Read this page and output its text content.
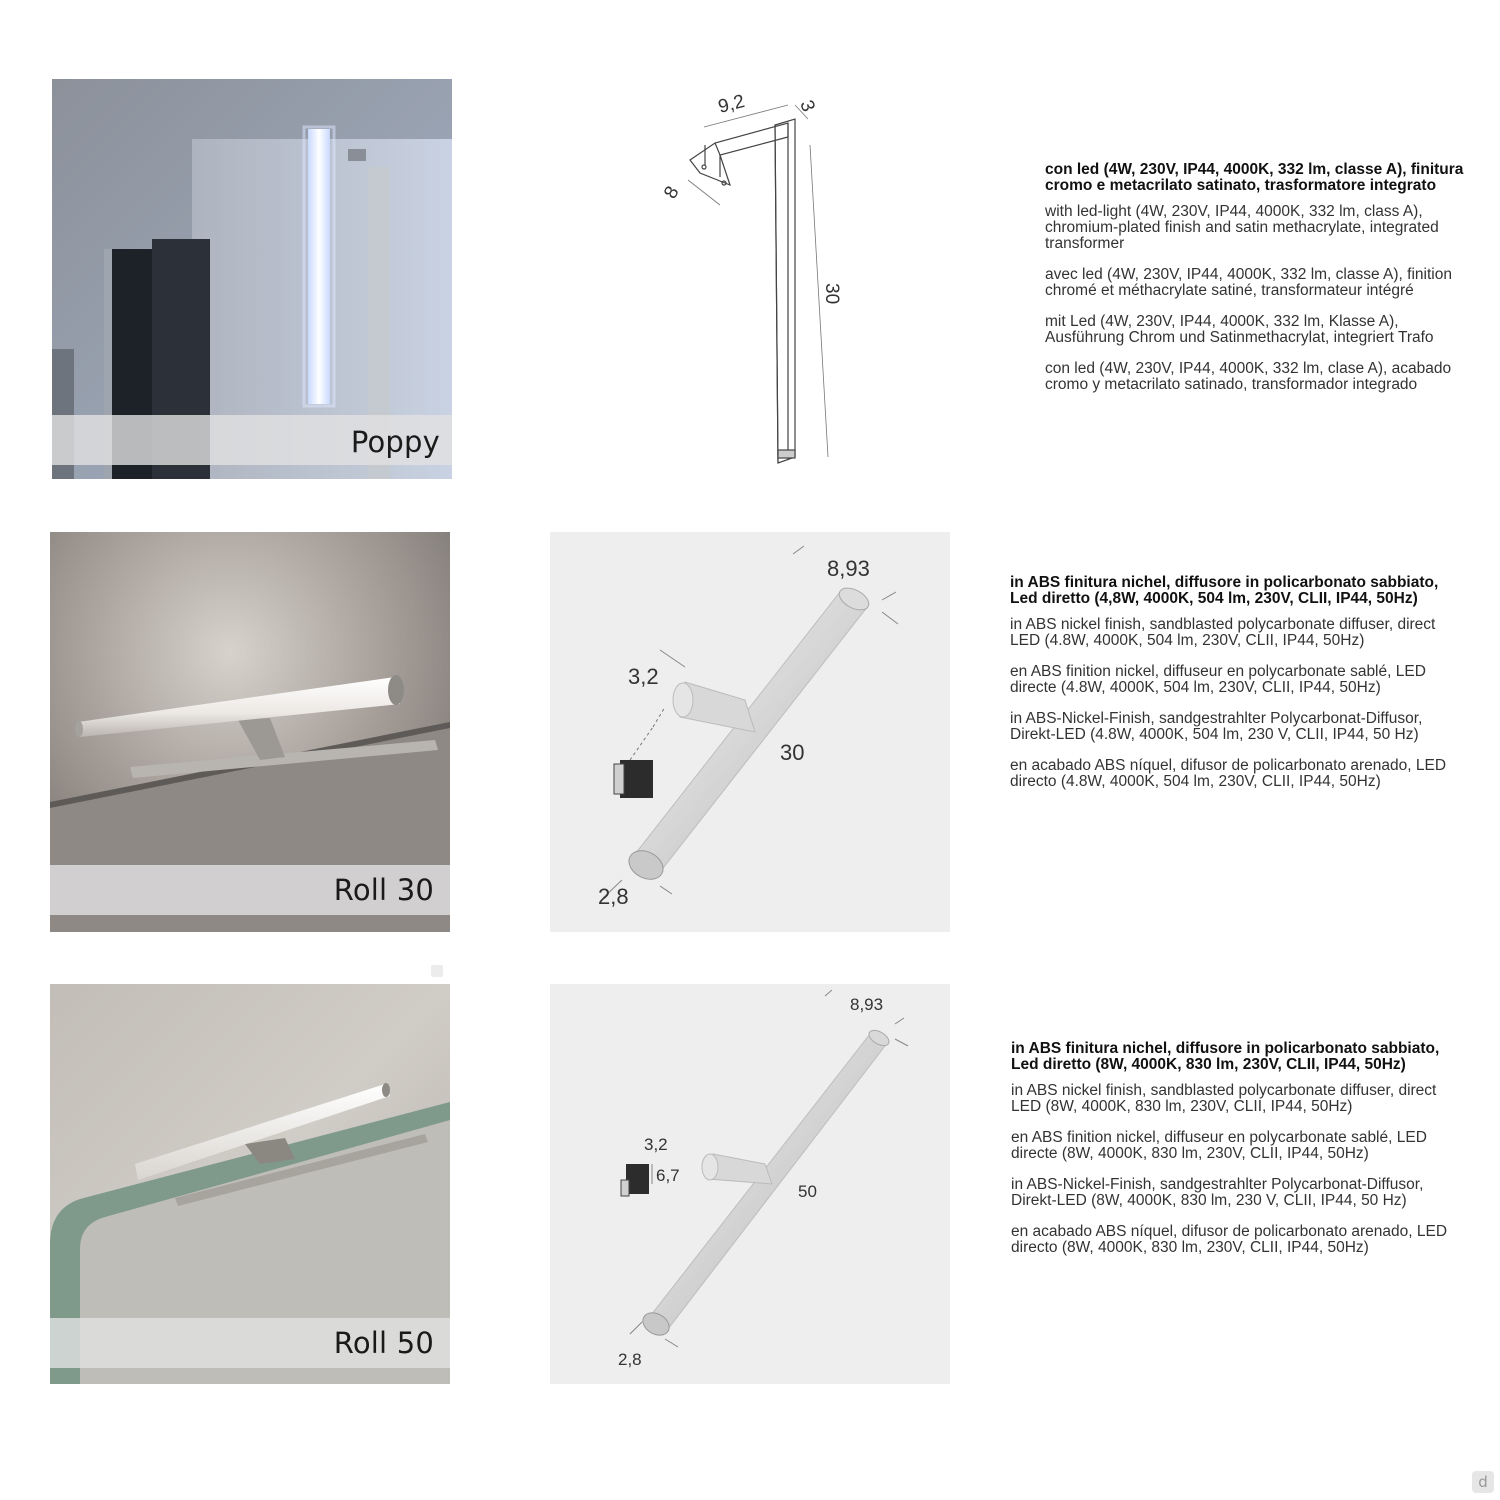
Poppy
9,2	3
8
30
con led (4W, 230V, IP44, 4000K, 332 lm, classe A), finitura cromo e metacrilato satinato, trasformatore integrato
with led-light (4W, 230V, IP44, 4000K, 332 lm, class A), chromium-plated finish and satin methacrylate, integrated transformer
avec led (4W, 230V, IP44, 4000K, 332 lm, classe A), finition chromé et méthacrylate satiné, transformateur intégré
mit Led (4W, 230V, IP44, 4000K, 332 lm, Klasse A), Ausführung Chrom und Satinmethacrylat, integriert Trafo
con led (4W, 230V, IP44, 4000K, 332 lm, clase A), acabado cromo y metacrilato satinado, transformador integrado
Roll 30
8,93
3,2
30
2,8
in ABS finitura nichel, diffusore in policarbonato sabbiato, Led diretto (4,8W, 4000K, 504 lm, 230V, CLII, IP44, 50Hz)
in ABS nickel finish, sandblasted polycarbonate diffuser, direct LED (4.8W, 4000K, 504 lm, 230V, CLII, IP44, 50Hz)
en ABS finition nickel, diffuseur en polycarbonate sablé, LED directe (4.8W, 4000K, 504 lm, 230V, CLII, IP44, 50Hz)
in ABS-Nickel-Finish, sandgestrahlter Polycarbonat-Diffusor, Direkt-LED (4.8W, 4000K, 504 lm, 230 V, CLII, IP44, 50 Hz)
en acabado ABS níquel, difusor de policarbonato arenado, LED directo (4.8W, 4000K, 504 lm, 230V, CLII, IP44, 50Hz)
Roll 50
8,93
3,2
6,7
50
2,8
in ABS finitura nichel, diffusore in policarbonato sabbiato, Led diretto (8W, 4000K, 830 lm, 230V, CLII, IP44, 50Hz)
in ABS nickel finish, sandblasted polycarbonate diffuser, direct LED (8W, 4000K, 830 lm, 230V, CLII, IP44, 50Hz)
en ABS finition nickel, diffuseur en polycarbonate sablé, LED directe (8W, 4000K, 830 lm, 230V, CLII, IP44, 50Hz)
in ABS-Nickel-Finish, sandgestrahlter Polycarbonat-Diffusor, Direkt-LED (8W, 4000K, 830 lm, 230 V, CLII, IP44, 50 Hz)
en acabado ABS níquel, difusor de policarbonato arenado, LED directo (8W, 4000K, 830 lm, 230V, CLII, IP44, 50Hz)
d
